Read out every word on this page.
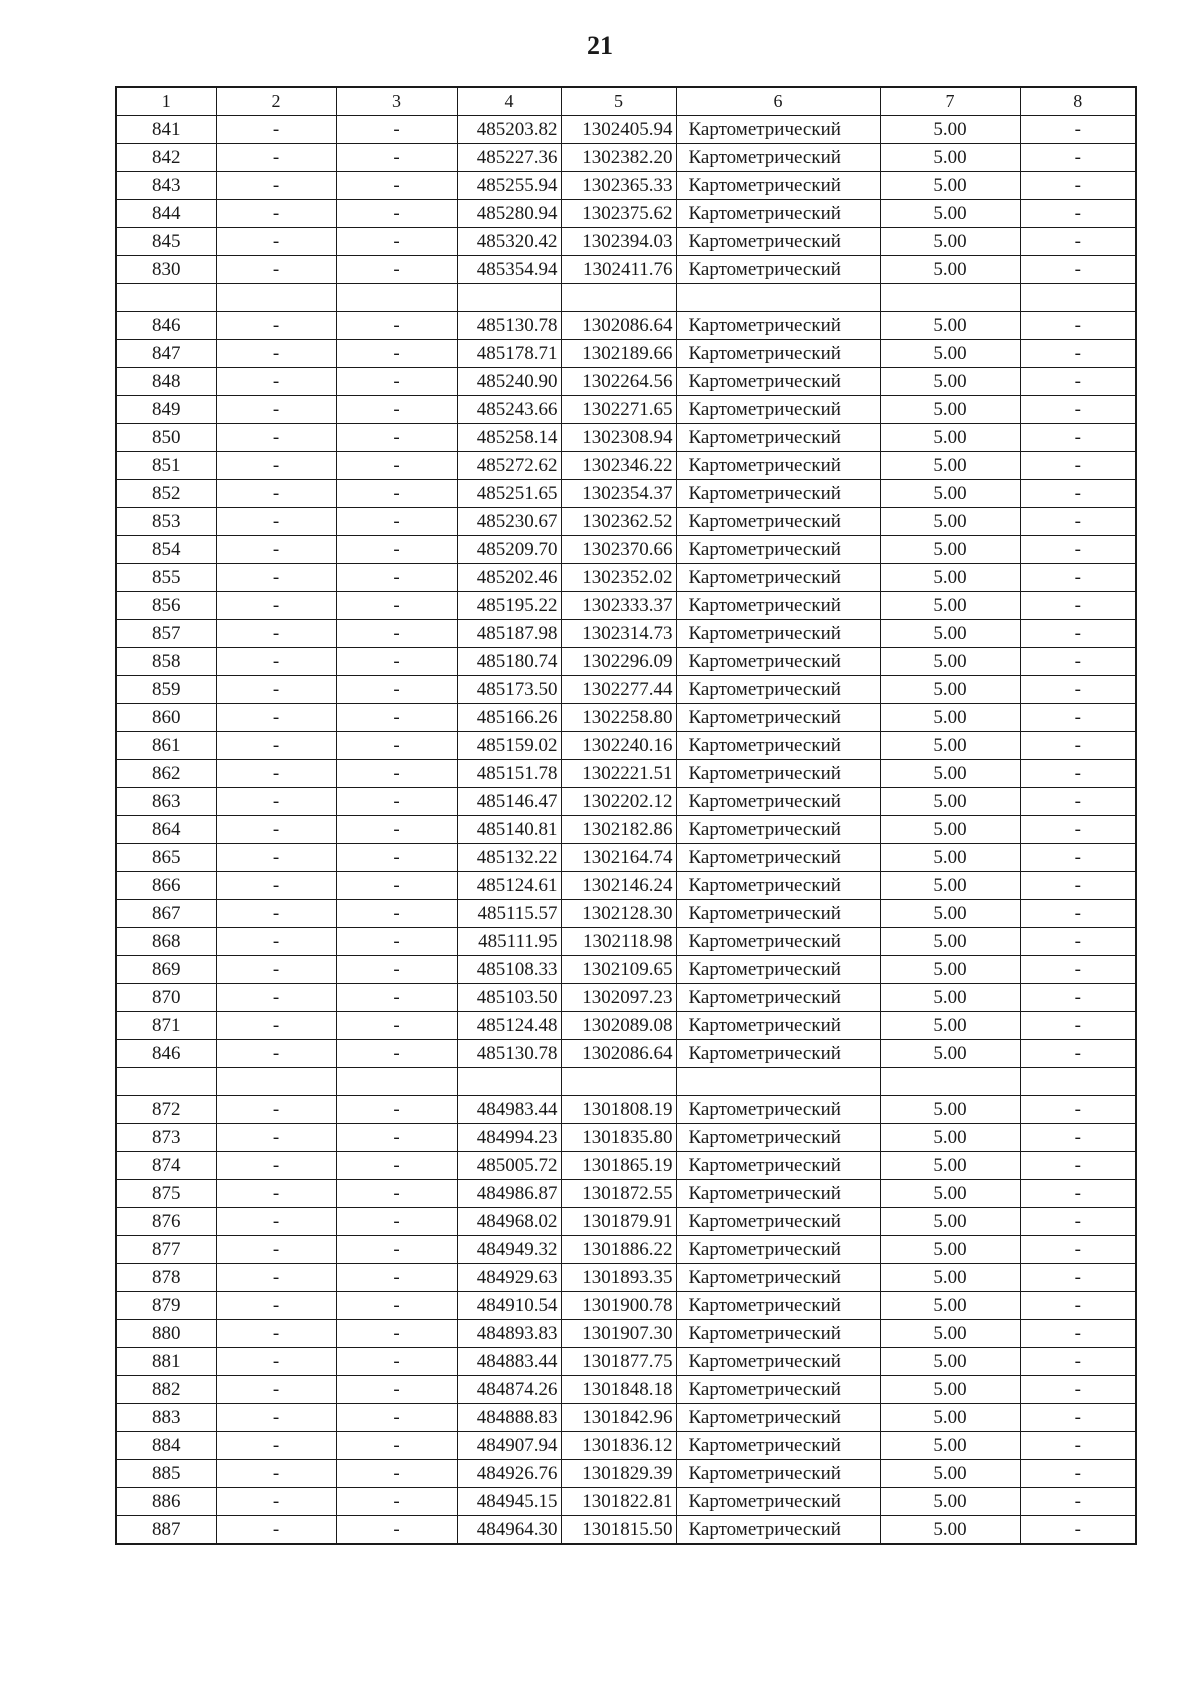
21
1	2	3	4	5	6	7	8
841	-	-	485203.82	1302405.94	Картометрический	5.00	-
842	-	-	485227.36	1302382.20	Картометрический	5.00	-
843	-	-	485255.94	1302365.33	Картометрический	5.00	-
844	-	-	485280.94	1302375.62	Картометрический	5.00	-
845	-	-	485320.42	1302394.03	Картометрический	5.00	-
830	-	-	485354.94	1302411.76	Картометрический	5.00	-

846	-	-	485130.78	1302086.64	Картометрический	5.00	-
847	-	-	485178.71	1302189.66	Картометрический	5.00	-
848	-	-	485240.90	1302264.56	Картометрический	5.00	-
849	-	-	485243.66	1302271.65	Картометрический	5.00	-
850	-	-	485258.14	1302308.94	Картометрический	5.00	-
851	-	-	485272.62	1302346.22	Картометрический	5.00	-
852	-	-	485251.65	1302354.37	Картометрический	5.00	-
853	-	-	485230.67	1302362.52	Картометрический	5.00	-
854	-	-	485209.70	1302370.66	Картометрический	5.00	-
855	-	-	485202.46	1302352.02	Картометрический	5.00	-
856	-	-	485195.22	1302333.37	Картометрический	5.00	-
857	-	-	485187.98	1302314.73	Картометрический	5.00	-
858	-	-	485180.74	1302296.09	Картометрический	5.00	-
859	-	-	485173.50	1302277.44	Картометрический	5.00	-
860	-	-	485166.26	1302258.80	Картометрический	5.00	-
861	-	-	485159.02	1302240.16	Картометрический	5.00	-
862	-	-	485151.78	1302221.51	Картометрический	5.00	-
863	-	-	485146.47	1302202.12	Картометрический	5.00	-
864	-	-	485140.81	1302182.86	Картометрический	5.00	-
865	-	-	485132.22	1302164.74	Картометрический	5.00	-
866	-	-	485124.61	1302146.24	Картометрический	5.00	-
867	-	-	485115.57	1302128.30	Картометрический	5.00	-
868	-	-	485111.95	1302118.98	Картометрический	5.00	-
869	-	-	485108.33	1302109.65	Картометрический	5.00	-
870	-	-	485103.50	1302097.23	Картометрический	5.00	-
871	-	-	485124.48	1302089.08	Картометрический	5.00	-
846	-	-	485130.78	1302086.64	Картометрический	5.00	-

872	-	-	484983.44	1301808.19	Картометрический	5.00	-
873	-	-	484994.23	1301835.80	Картометрический	5.00	-
874	-	-	485005.72	1301865.19	Картометрический	5.00	-
875	-	-	484986.87	1301872.55	Картометрический	5.00	-
876	-	-	484968.02	1301879.91	Картометрический	5.00	-
877	-	-	484949.32	1301886.22	Картометрический	5.00	-
878	-	-	484929.63	1301893.35	Картометрический	5.00	-
879	-	-	484910.54	1301900.78	Картометрический	5.00	-
880	-	-	484893.83	1301907.30	Картометрический	5.00	-
881	-	-	484883.44	1301877.75	Картометрический	5.00	-
882	-	-	484874.26	1301848.18	Картометрический	5.00	-
883	-	-	484888.83	1301842.96	Картометрический	5.00	-
884	-	-	484907.94	1301836.12	Картометрический	5.00	-
885	-	-	484926.76	1301829.39	Картометрический	5.00	-
886	-	-	484945.15	1301822.81	Картометрический	5.00	-
887	-	-	484964.30	1301815.50	Картометрический	5.00	-
